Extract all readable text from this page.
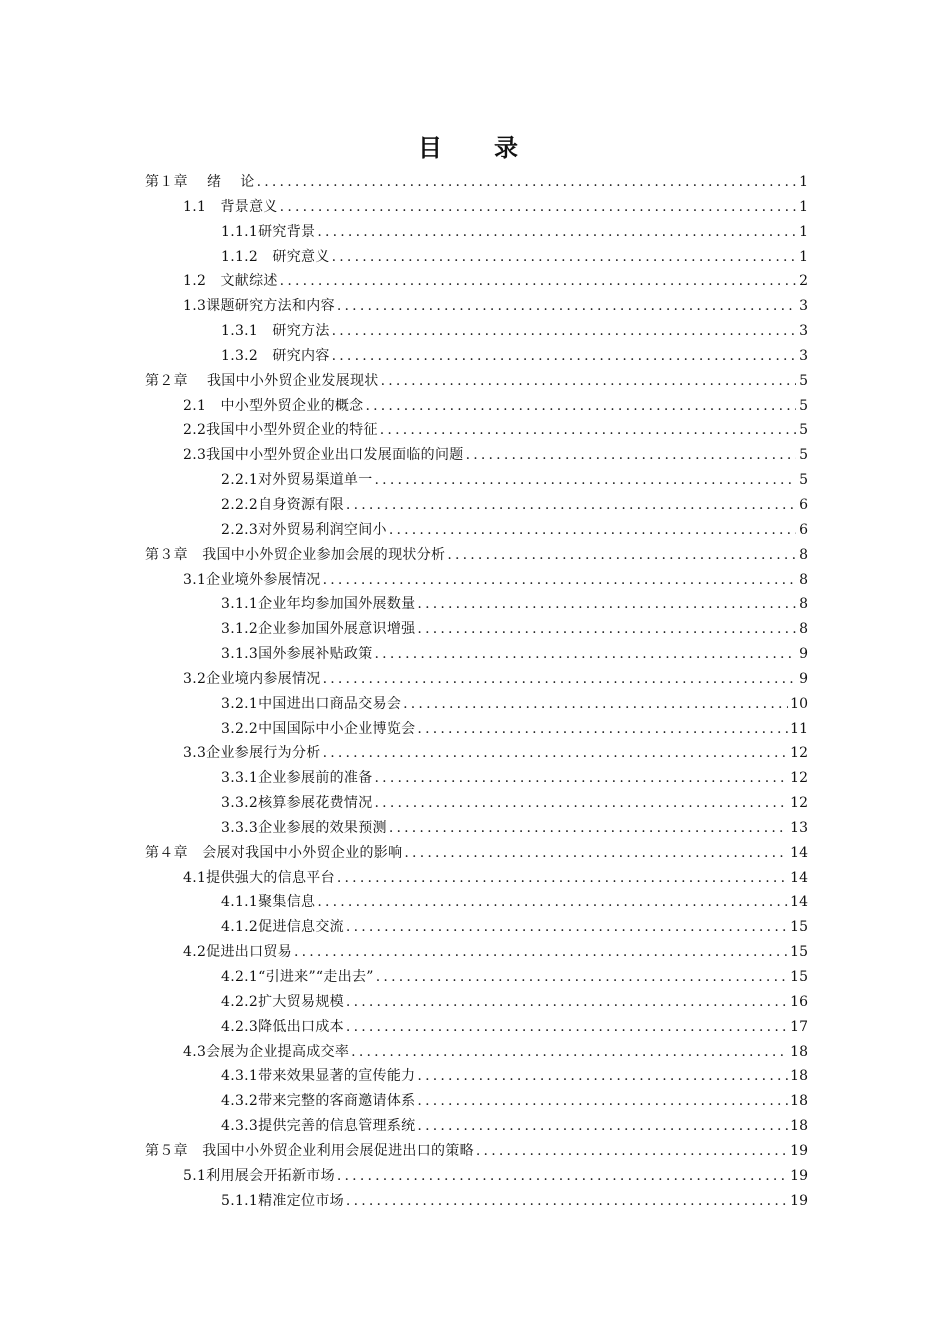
目　录
第１章　 绪　 论 .....	1
1.1　背景意义 .....	1
1.1.1研究背景 .....	1
1.1.2　研究意义 .....	1
1.2　文献综述 .....	2
1.3课题研究方法和内容 .....	3
1.3.1　研究方法 .....	3
1.3.2　研究内容 .....	3
第２章　 我国中小外贸企业发展现状 .....	5
2.1　中小型外贸企业的概念 .....	5
2.2我国中小型外贸企业的特征 .....	5
2.3我国中小型外贸企业出口发展面临的问题 .....	5
2.2.1对外贸易渠道单一 .....	5
2.2.2自身资源有限 .....	6
2.2.3对外贸易利润空间小 .....	6
第３章　我国中小外贸企业参加会展的现状分析 .....	8
3.1企业境外参展情况 .....	8
3.1.1企业年均参加国外展数量 .....	8
3.1.2企业参加国外展意识增强 .....	8
3.1.3国外参展补贴政策 .....	9
3.2企业境内参展情况 .....	9
3.2.1中国进出口商品交易会 .....	10
3.2.2中国国际中小企业博览会 .....	11
3.3企业参展行为分析 .....	12
3.3.1企业参展前的准备 .....	12
3.3.2核算参展花费情况 .....	12
3.3.3企业参展的效果预测 .....	13
第４章　会展对我国中小外贸企业的影响 .....	14
4.1提供强大的信息平台 .....	14
4.1.1聚集信息 .....	14
4.1.2促进信息交流 .....	15
4.2促进出口贸易 .....	15
4.2.1“引进来”“走出去” .....	15
4.2.2扩大贸易规模 .....	16
4.2.3降低出口成本 .....	17
4.3会展为企业提高成交率 .....	18
4.3.1带来效果显著的宣传能力 .....	18
4.3.2带来完整的客商邀请体系 .....	18
4.3.3提供完善的信息管理系统 .....	18
第５章　我国中小外贸企业利用会展促进出口的策略 .....	19
5.1利用展会开拓新市场 .....	19
5.1.1精准定位市场 .....	19
